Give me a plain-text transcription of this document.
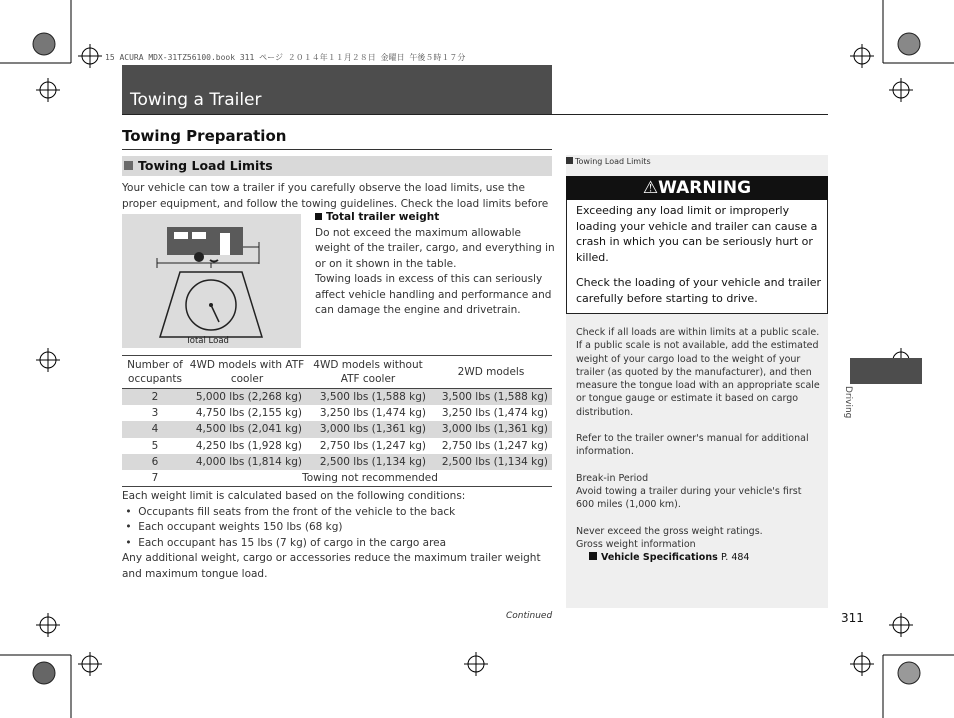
15 ACURA MDX-31TZ56100.book 311 ページ ２０１４年１１月２８日 金曜日 午後５時１７分
Towing a Trailer
Towing Preparation
Towing Load Limits
Your vehicle can tow a trailer if you carefully observe the load limits, use the proper equipment, and follow the towing guidelines. Check the load limits before
Total Load
Total trailer weight
Do not exceed the maximum allowable weight of the trailer, cargo, and everything in or on it shown in the table.
Towing loads in excess of this can seriously affect vehicle handling and performance and can damage the engine and drivetrain.
Number of occupants	4WD models with ATF cooler	4WD models without ATF cooler	2WD models
2	5,000 lbs (2,268 kg)	3,500 lbs (1,588 kg)	3,500 lbs (1,588 kg)
3	4,750 lbs (2,155 kg)	3,250 lbs (1,474 kg)	3,250 lbs (1,474 kg)
4	4,500 lbs (2,041 kg)	3,000 lbs (1,361 kg)	3,000 lbs (1,361 kg)
5	4,250 lbs (1,928 kg)	2,750 lbs (1,247 kg)	2,750 lbs (1,247 kg)
6	4,000 lbs (1,814 kg)	2,500 lbs (1,134 kg)	2,500 lbs (1,134 kg)
7	Towing not recommended		
Each weight limit is calculated based on the following conditions:
•  Occupants fill seats from the front of the vehicle to the back
•  Each occupant weights 150 lbs (68 kg)
•  Each occupant has 15 lbs (7 kg) of cargo in the cargo area
Any additional weight, cargo or accessories reduce the maximum trailer weight and maximum tongue load.
Towing Load Limits
⚠WARNING
Exceeding any load limit or improperly loading your vehicle and trailer can cause a crash in which you can be seriously hurt or killed.
Check the loading of your vehicle and trailer carefully before starting to drive.
Check if all loads are within limits at a public scale. If a public scale is not available, add the estimated weight of your cargo load to the weight of your trailer (as quoted by the manufacturer), and then measure the tongue load with an appropriate scale or tongue gauge or estimate it based on cargo distribution.
Refer to the trailer owner's manual for additional information.
Break-in Period
Avoid towing a trailer during your vehicle's first 600 miles (1,000 km).
Never exceed the gross weight ratings.
Gross weight information
Vehicle Specifications P. 484
Driving
Continued	311
